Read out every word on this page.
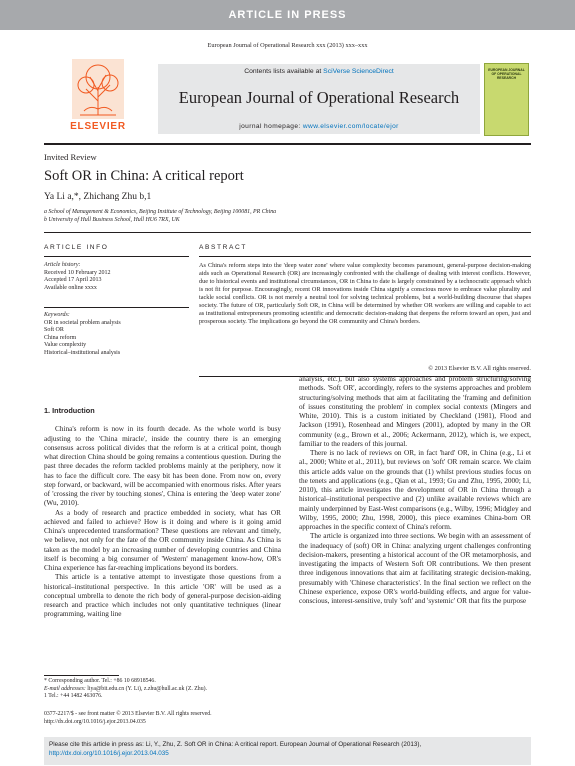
ARTICLE IN PRESS
European Journal of Operational Research xxx (2013) xxx–xxx
ELSEVIER
Contents lists available at SciVerse ScienceDirect
European Journal of Operational Research
journal homepage: www.elsevier.com/locate/ejor
EUROPEAN JOURNAL OF OPERATIONAL RESEARCH
Invited Review
Soft OR in China: A critical report
Ya Li a,*, Zhichang Zhu b,1
a School of Management & Economics, Beijing Institute of Technology, Beijing 100081, PR China
b University of Hull Business School, Hull HU6 7RX, UK
ARTICLE INFO	ABSTRACT
Article history:
Received 10 February 2012
Accepted 17 April 2013
Available online xxxx
Keywords:
OR in societal problem analysis
Soft OR
China reform
Value complexity
Historical–institutional analysis
As China's reform steps into the 'deep water zone' where value complexity becomes paramount, general-purpose decision-making aids such as Operational Research (OR) are increasingly confronted with the challenge of dealing with interest conflicts. However, due to historical events and institutional circumstances, OR in China to date is largely constrained by a technocratic approach which is not fit for purpose. Encouragingly, recent OR innovations inside China signify a conscious move to embrace value plurality and tackle social conflicts. OR is not merely a neutral tool for solving technical problems, but a world-building discourse that shapes society. The future of OR, particularly Soft OR, in China will be determined by whether OR workers are willing and capable to act as institutional entrepreneurs promoting scientific and democratic decision-making that deepens the reform toward an open, just and prosperous society. The implications go beyond the OR community and China's borders.
© 2013 Elsevier B.V. All rights reserved.
1. Introduction

China's reform is now in its fourth decade. As the whole world is busy adjusting to the 'China miracle', inside the country there is an emerging consensus across political divides that the reform is at a critical point, though what direction China should be going remains a contentious question. During the past three decades the reform tackled problems mainly at the periphery, now it has to face the difficult core. The easy bit has been done. From now on, every step forward, or backward, will be accompanied with enormous risks. After years of 'crossing the river by touching stones', China is entering the 'deep water zone' (Wu, 2010).

As a body of research and practice embedded in society, what has OR achieved and failed to achieve? How is it doing and where is it going amid China's unprecedented transformation? These questions are relevant and timely, we believe, not only for the fate of the OR community inside China. As China is taken as the model by an increasing number of developing countries and China itself is becoming a big consumer of 'Western' management know-how, OR's China experience has far-reaching implications beyond its borders.

This article is a tentative attempt to investigate those questions from a historical–institutional perspective. In this article 'OR' will be used as a conceptual umbrella to denote the rich body of general-purpose decision-aiding research and practice which includes not only quantitative techniques (linear programming, waiting line

analysis, etc.), but also systems approaches and problem structuring/solving methods. 'Soft OR', accordingly, refers to the systems approaches and problem structuring/solving methods that aim at facilitating the 'framing and definition of issues constituting the problem' in complex social contexts (Mingers and White, 2010). This is a custom initiated by Checkland (1981), Flood and Jackson (1991), Rosenhead and Mingers (2001), adopted by many in the OR community (e.g., Brown et al., 2006; Ackermann, 2012), which is, we expect, familiar to the readers of this journal.

There is no lack of reviews on OR, in fact 'hard' OR, in China (e.g., Li et al., 2000; White et al., 2011), but reviews on 'soft' OR remain scarce. We claim this article adds value on the grounds that (1) whilst previous studies focus on the tenets and applications (e.g., Qian et al., 1993; Gu and Zhu, 1995, 2000; Li, 2010), this article investigates the development of OR in China through a historical–institutional perspective and (2) unlike available reviews which are mainly underpinned by East-West comparisons (e.g., Wilby, 1996; Midgley and Wilby, 1995, 2000; Zhu, 1998, 2000), this piece examines China-born OR approaches in the specific context of China's reform.

The article is organized into three sections. We begin with an assessment of the inadequacy of (soft) OR in China: analyzing urgent challenges confronting decision-makers, presenting a historical account of the OR metamorphosis, and investigating the impacts of Western Soft OR contributions. We then present three indigenous innovations that aim at facilitating strategic decision-making, presumably with 'Chinese characteristics'. In the final section we reflect on the Chinese experience, expose OR's world-building effects, and argue for value-conscious, interest-sensitive, truly 'soft' and 'systemic' OR that fits the purpose

* Corresponding author. Tel.: +86 10 68918546.
E-mail addresses: liya@bit.edu.cn (Y. Li), z.zhu@hull.ac.uk (Z. Zhu).
1 Tel.: +44 1482 463076.
0377-2217/$ - see front matter © 2013 Elsevier B.V. All rights reserved.
http://dx.doi.org/10.1016/j.ejor.2013.04.035
Please cite this article in press as: Li, Y., Zhu, Z. Soft OR in China: A critical report. European Journal of Operational Research (2013), http://dx.doi.org/10.1016/j.ejor.2013.04.035
